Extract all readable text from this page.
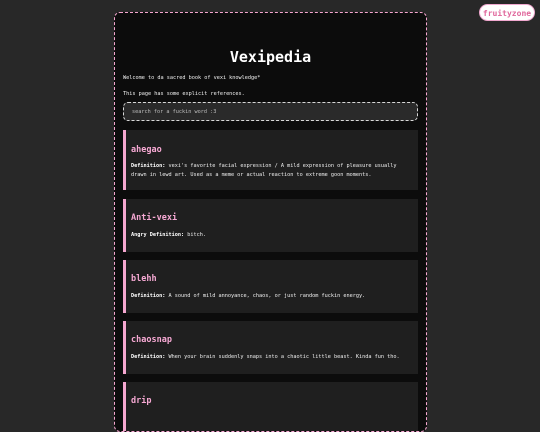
fruityzone
Vexipedia
Welcome to da sacred book of vexi knowledge*
This page has some explicit references.
search for a fuckin word :3
ahegao
Definition: vexi's favorite facial expression / A mild expression of pleasure usually drawn in lewd art. Used as a meme or actual reaction to extreme goon moments.
Anti-vexi
Angry Definition: bitch.
blehh
Definition: A sound of mild annoyance, chaos, or just random fuckin energy.
chaosnap
Definition: When your brain suddenly snaps into a chaotic little beast. Kinda fun tho.
drip
